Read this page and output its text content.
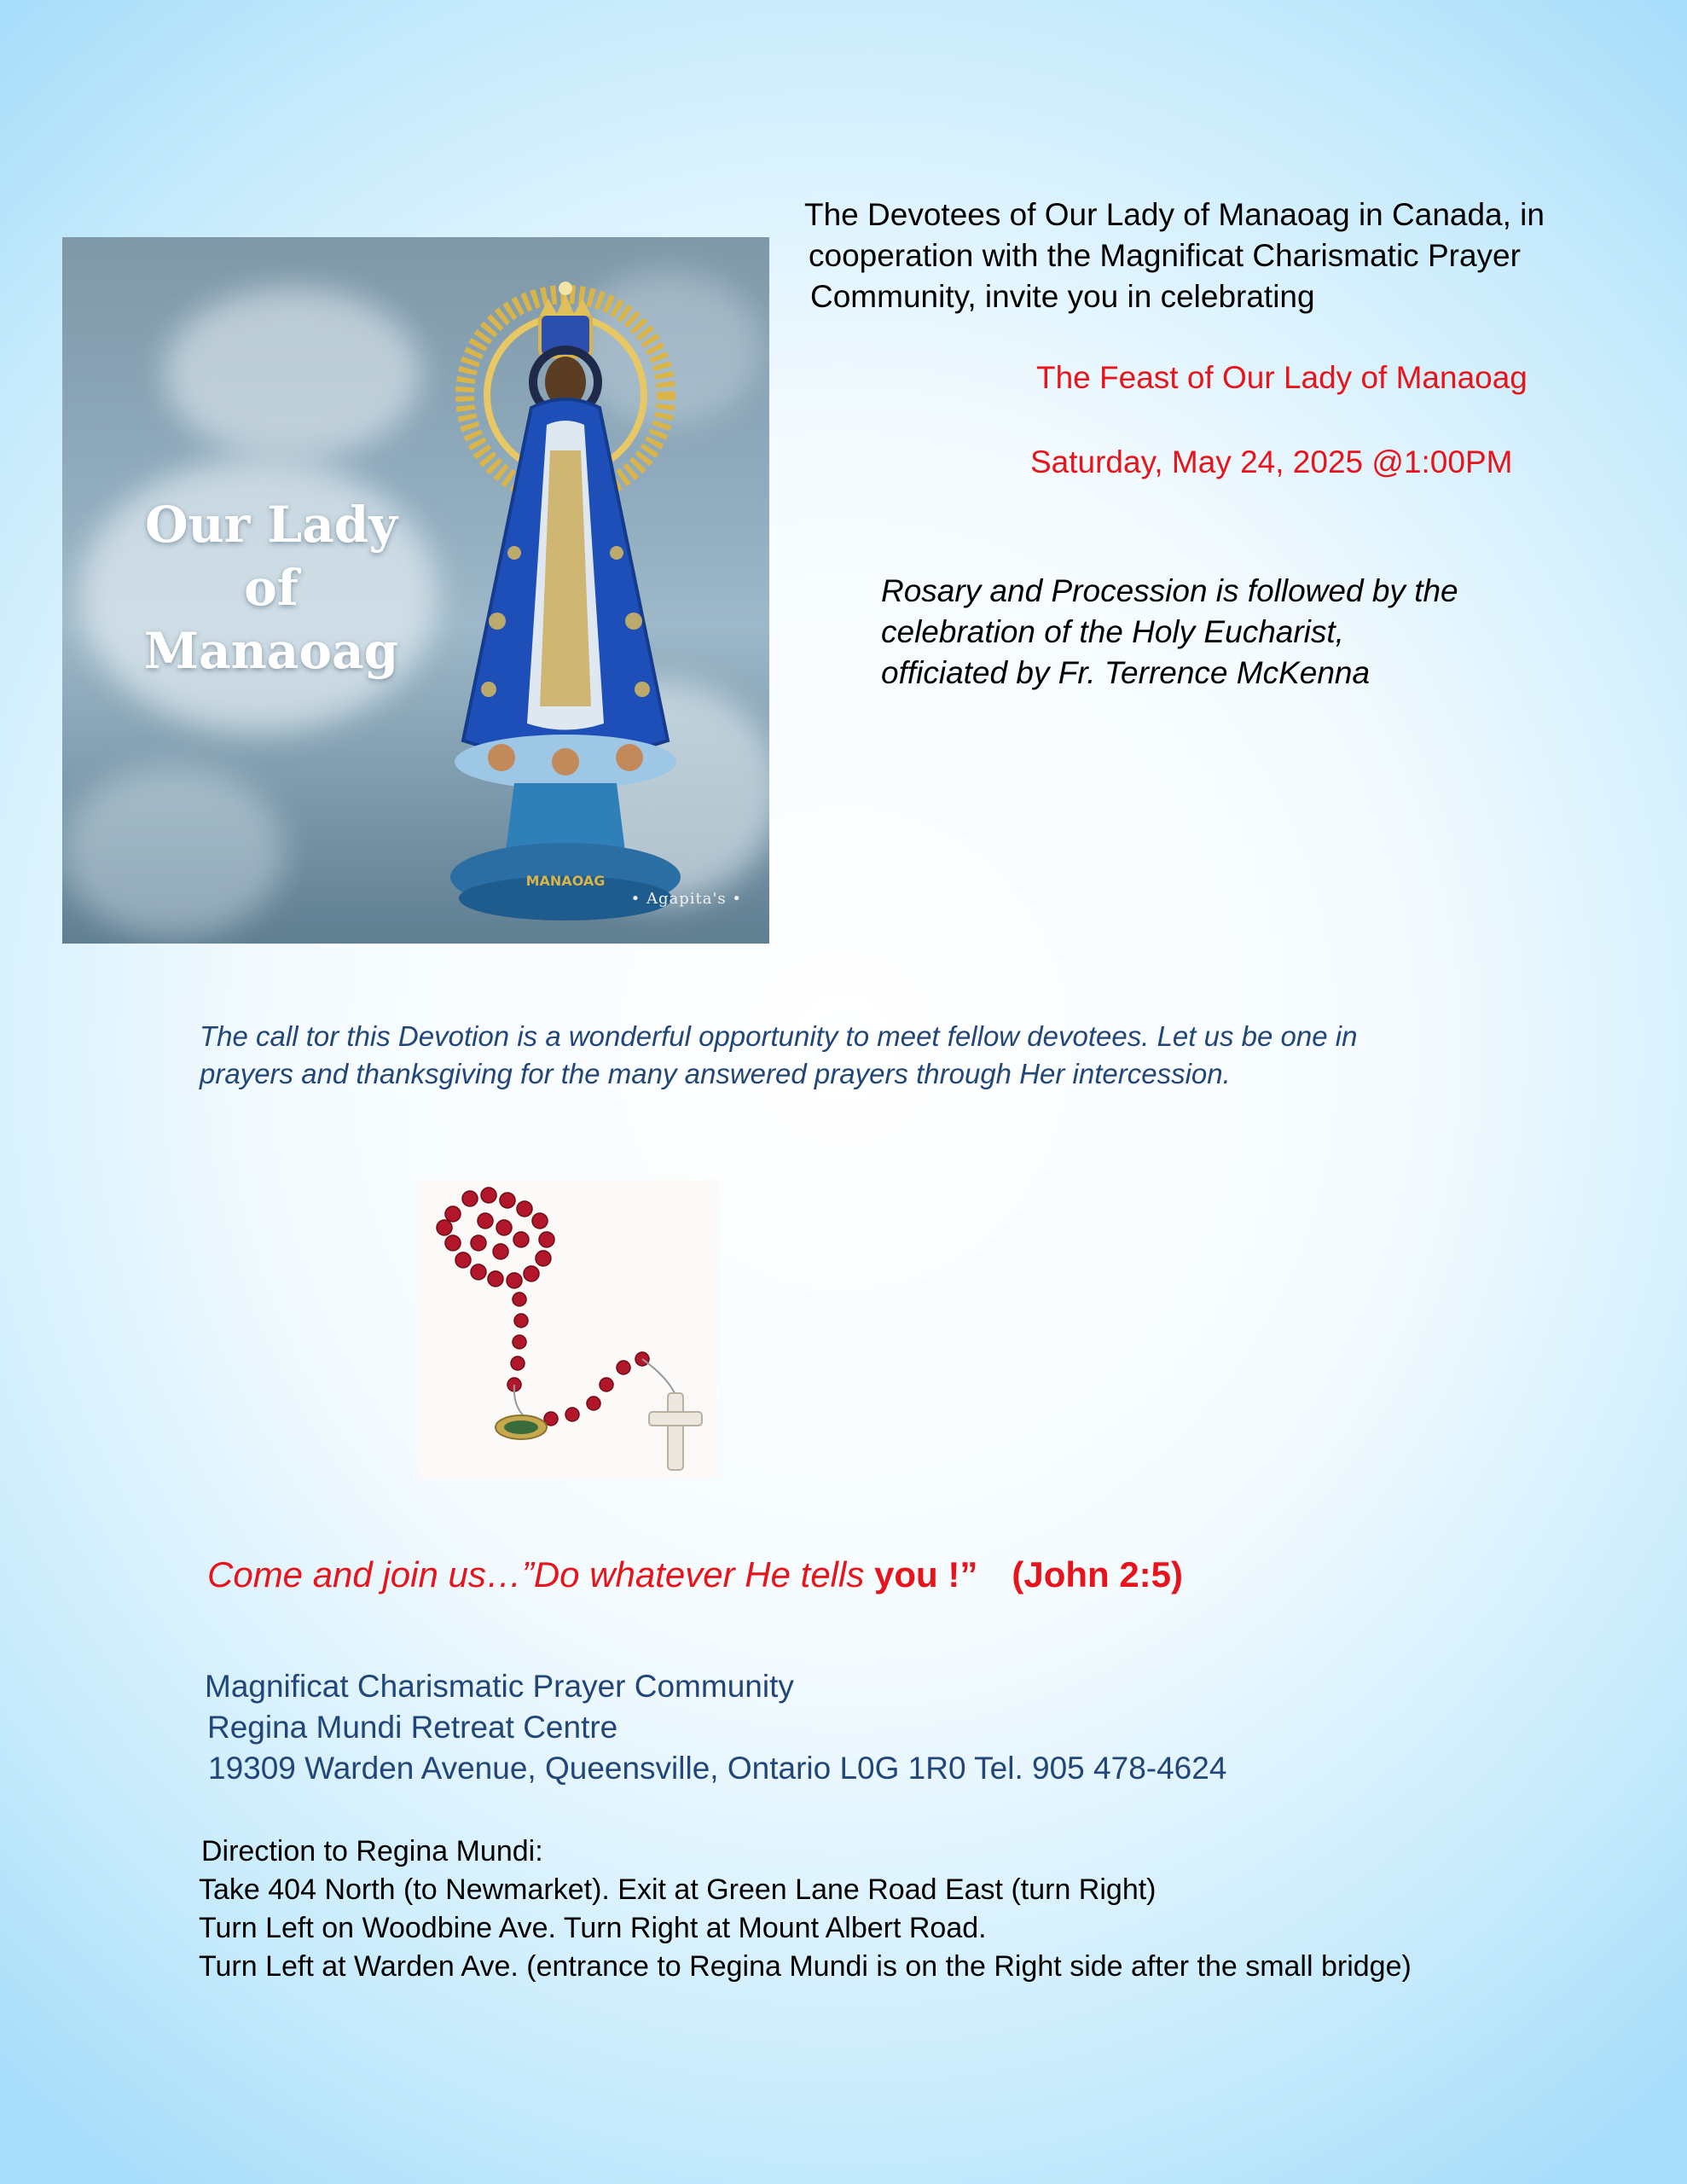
MANAOAG
Our Lady
of Manaoag
• Agapita's •
The Devotees of Our Lady of Manaoag in Canada, in
cooperation with the Magnificat Charismatic Prayer
Community, invite you in celebrating
The Feast of Our Lady of Manaoag
Saturday, May 24, 2025 @1:00PM
Rosary and Procession is followed by the
celebration of the Holy Eucharist,
officiated by Fr. Terrence McKenna
The call tor this Devotion is a wonderful opportunity to meet fellow devotees. Let us be one in
prayers and thanksgiving for the many answered prayers through Her intercession.
Come and join us…”Do whatever He tells you !” (John 2:5)
Magnificat Charismatic Prayer Community
Regina Mundi Retreat Centre
19309 Warden Avenue, Queensville, Ontario L0G 1R0 Tel. 905 478-4624
Direction to Regina Mundi:
Take 404 North (to Newmarket). Exit at Green Lane Road East (turn Right)
Turn Left on Woodbine Ave. Turn Right at Mount Albert Road.
Turn Left at Warden Ave. (entrance to Regina Mundi is on the Right side after the small bridge)
